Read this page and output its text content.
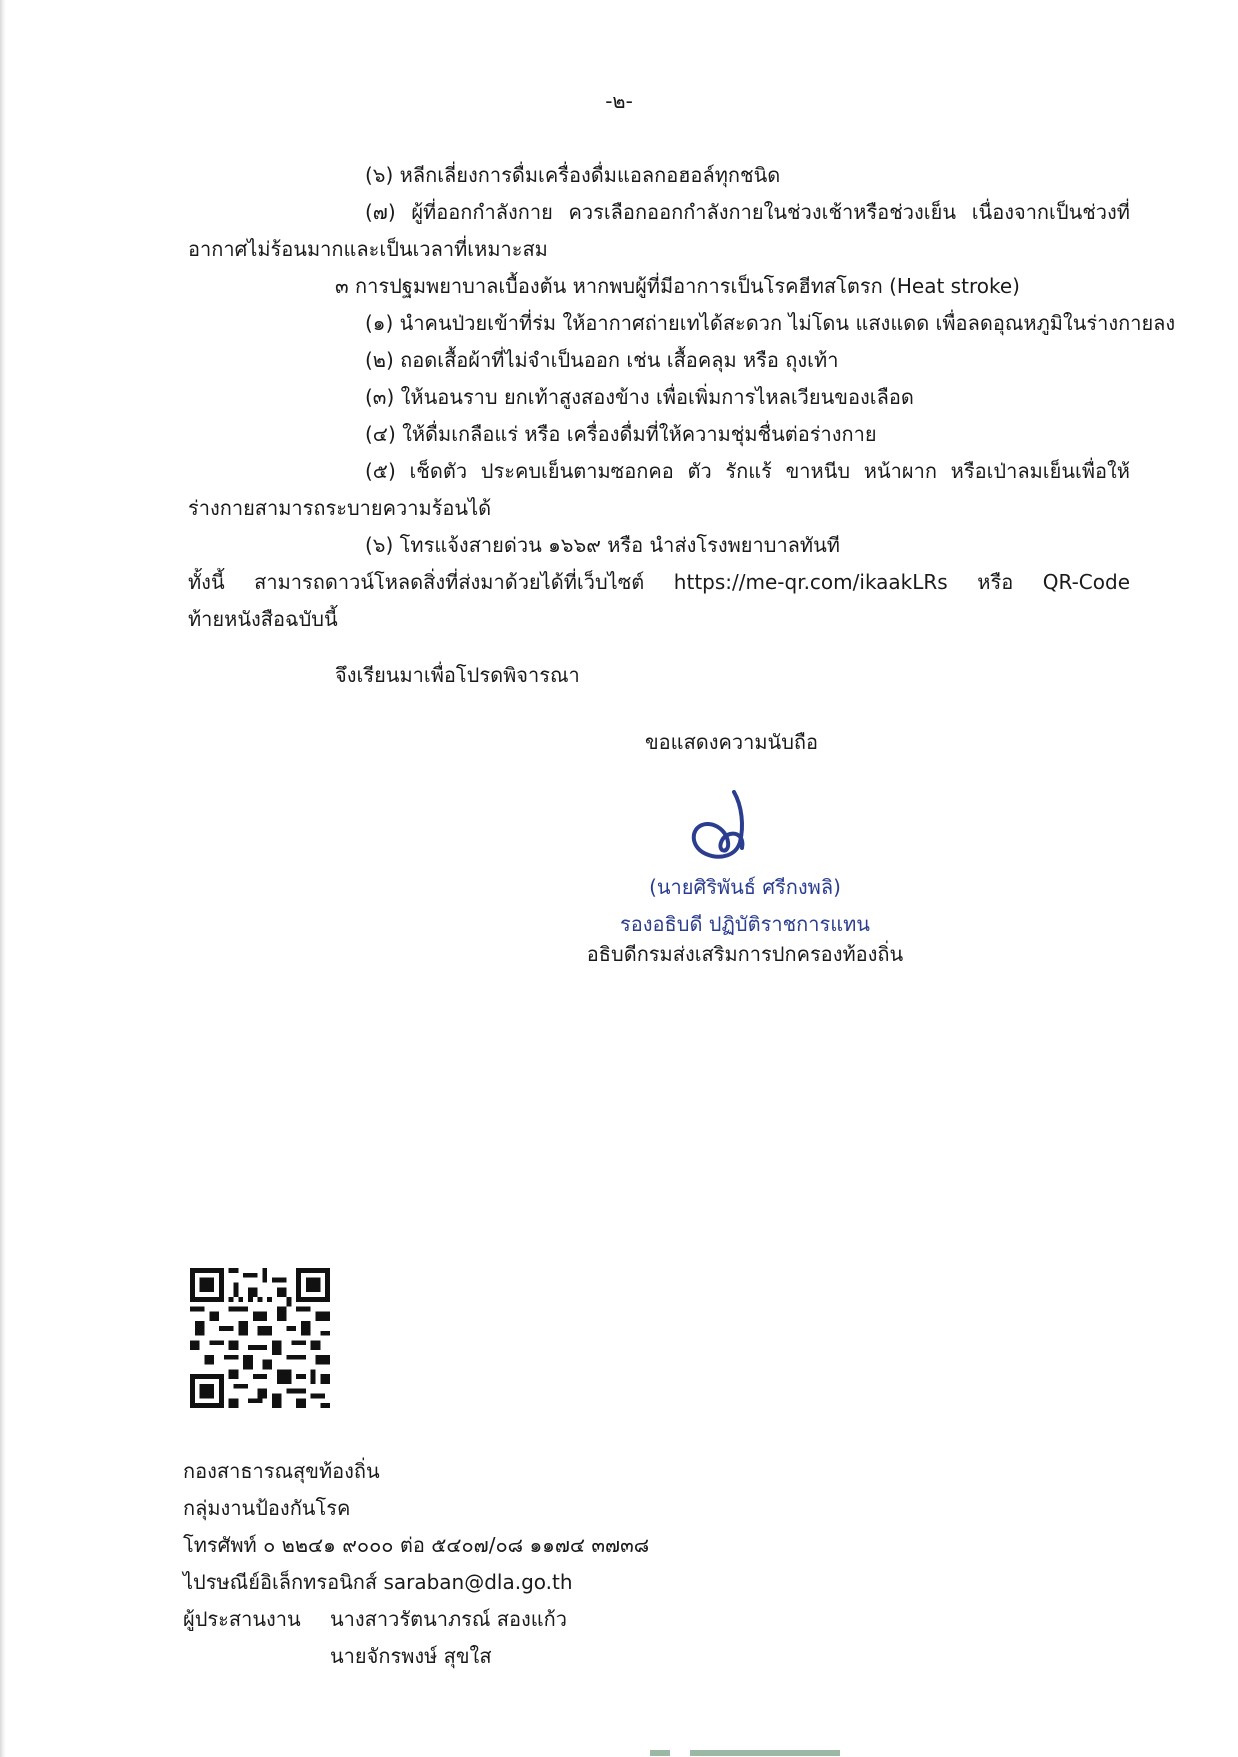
-๒-
(๖) หลีกเลี่ยงการดื่มเครื่องดื่มแอลกอฮอล์ทุกชนิด
(๗) ผู้ที่ออกกำลังกาย ควรเลือกออกกำลังกายในช่วงเช้าหรือช่วงเย็น เนื่องจากเป็นช่วงที่
อากาศไม่ร้อนมากและเป็นเวลาที่เหมาะสม
๓ การปฐมพยาบาลเบื้องต้น หากพบผู้ที่มีอาการเป็นโรคฮีทสโตรก (Heat stroke)
(๑) นำคนป่วยเข้าที่ร่ม ให้อากาศถ่ายเทได้สะดวก ไม่โดน แสงแดด เพื่อลดอุณหภูมิในร่างกายลง
(๒) ถอดเสื้อผ้าที่ไม่จำเป็นออก เช่น เสื้อคลุม หรือ ถุงเท้า
(๓) ให้นอนราบ ยกเท้าสูงสองข้าง เพื่อเพิ่มการไหลเวียนของเลือด
(๔) ให้ดื่มเกลือแร่ หรือ เครื่องดื่มที่ให้ความชุ่มชื่นต่อร่างกาย
(๕) เช็ดตัว ประคบเย็นตามซอกคอ ตัว รักแร้ ขาหนีบ หน้าผาก หรือเป่าลมเย็นเพื่อให้
ร่างกายสามารถระบายความร้อนได้
(๖) โทรแจ้งสายด่วน ๑๖๖๙ หรือ นำส่งโรงพยาบาลทันที
ทั้งนี้ สามารถดาวน์โหลดสิ่งที่ส่งมาด้วยได้ที่เว็บไซต์ https://me-qr.com/ikaakLRs หรือ QR-Code
ท้ายหนังสือฉบับนี้
จึงเรียนมาเพื่อโปรดพิจารณา
ขอแสดงความนับถือ
(นายศิริพันธ์ ศรีกงพลิ)
รองอธิบดี ปฏิบัติราชการแทน
อธิบดีกรมส่งเสริมการปกครองท้องถิ่น
กองสาธารณสุขท้องถิ่น
กลุ่มงานป้องกันโรค
โทรศัพท์ ๐ ๒๒๔๑ ๙๐๐๐ ต่อ ๕๔๐๗/๐๘ ๑๑๗๔ ๓๗๓๘
ไปรษณีย์อิเล็กทรอนิกส์ saraban@dla.go.th
ผู้ประสานงาน นางสาวรัตนาภรณ์ สองแก้ว
นายจักรพงษ์ สุขใส
